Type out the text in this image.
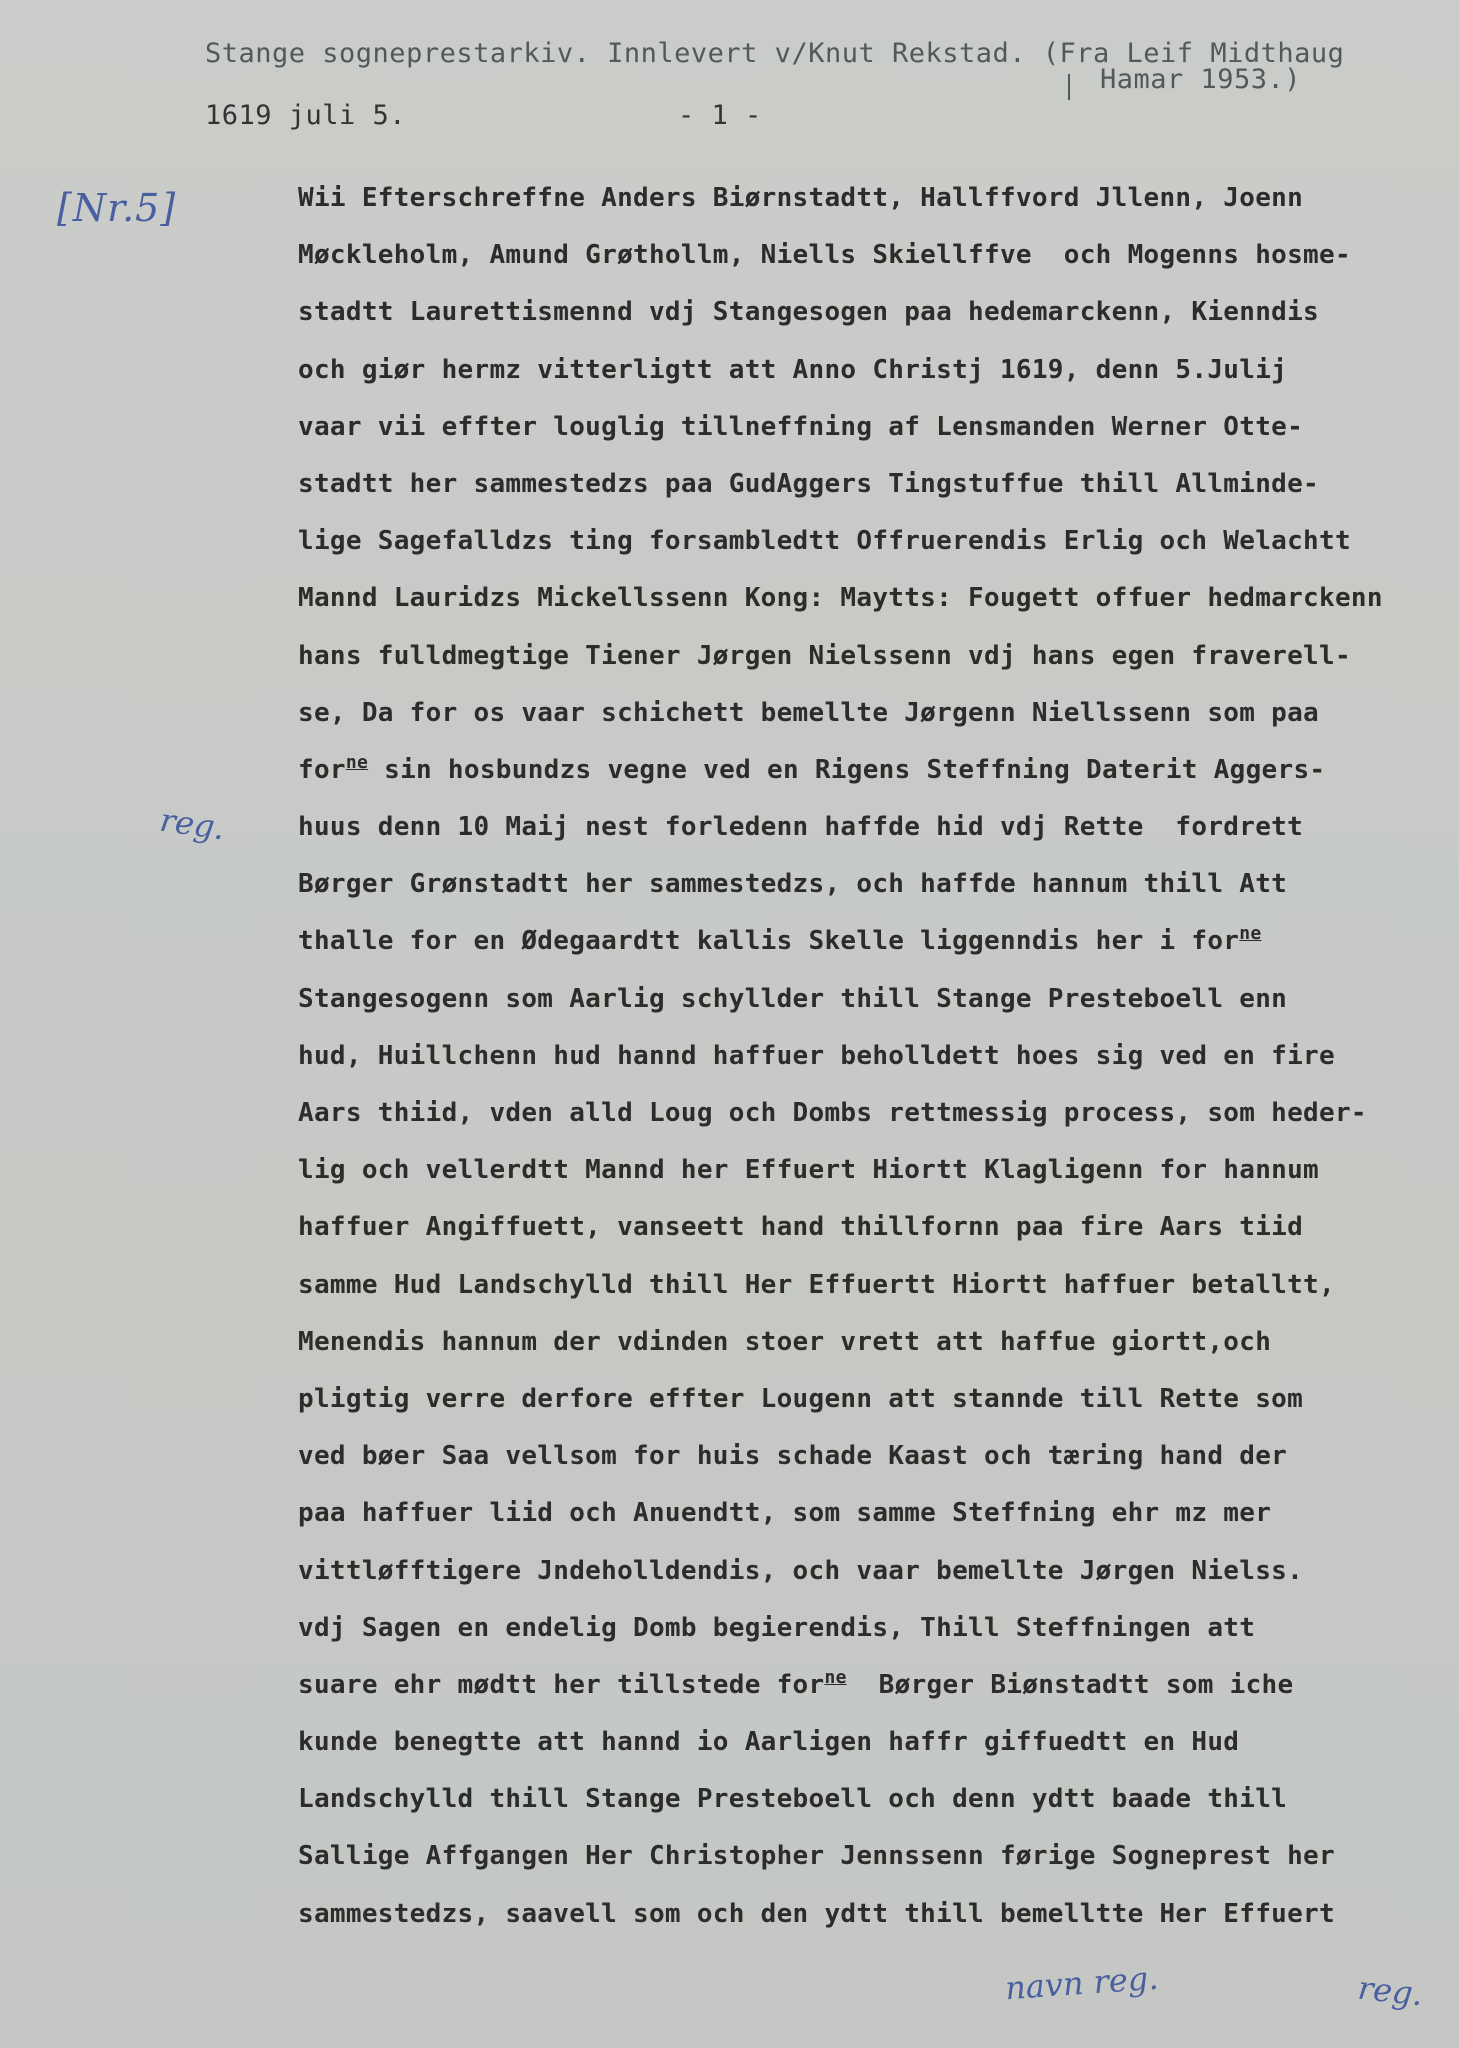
Stange sogneprestarkiv. Innlevert v/Knut Rekstad. (Fra Leif Midthaug
Hamar 1953.)
1619 juli 5.	- 1 -
[Nr.5]
reg.
navn reg.	reg.
Wii Efterschreffne Anders Biørnstadtt, Hallffvord Jllenn, Joenn
Møckleholm, Amund Grøthollm, Niells Skiellffve  och Mogenns hosme-
stadtt Laurettismennd vdj Stangesogen paa hedemarckenn, Kienndis
och giør hermz vitterligtt att Anno Christj 1619, denn 5.Julij
vaar vii effter louglig tillneffning af Lensmanden Werner Otte-
stadtt her sammestedzs paa GudAggers Tingstuffue thill Allminde-
lige Sagefalldzs ting forsambledtt Offruerendis Erlig och Welachtt
Mannd Lauridzs Mickellssenn Kong: Maytts: Fougett offuer hedmarckenn
hans fulldmegtige Tiener Jørgen Nielssenn vdj hans egen fraverell-
se, Da for os vaar schichett bemellte Jørgenn Niellssenn som paa
for$^{ne}$ sin hosbundzs vegne ved en Rigens Steffning Daterit Aggers-
huus denn 10 Maij nest forledenn haffde hid vdj Rette  fordrett
Børger Grønstadtt her sammestedzs, och haffde hannum thill Att
thalle for en Ødegaardtt kallis Skelle liggenndis her i for$^{ne}$
Stangesogenn som Aarlig schyllder thill Stange Presteboell enn
hud, Huillchenn hud hannd haffuer beholldett hoes sig ved en fire
Aars thiid, vden alld Loug och Dombs rettmessig process, som heder-
lig och vellerdtt Mannd her Effuert Hiortt Klagligenn for hannum
haffuer Angiffuett, vanseett hand thillfornn paa fire Aars tiid
samme Hud Landschylld thill Her Effuertt Hiortt haffuer betalltt,
Menendis hannum der vdinden stoer vrett att haffue giortt,och
pligtig verre derfore effter Lougenn att stannde till Rette som
ved bøer Saa vellsom for huis schade Kaast och tæring hand der
paa haffuer liid och Anuendtt, som samme Steffning ehr mz mer
vittløfftigere Jndeholldendis, och vaar bemellte Jørgen Nielss.
vdj Sagen en endelig Domb begierendis, Thill Steffningen att
suare ehr mødtt her tillstede for$^{ne}$  Børger Biønstadtt som iche
kunde benegtte att hannd io Aarligen haffr giffuedtt en Hud
Landschylld thill Stange Presteboell och denn ydtt baade thill
Sallige Affgangen Her Christopher Jennssenn førige Sogneprest her
sammestedzs, saavell som och den ydtt thill bemelltte Her Effuert
